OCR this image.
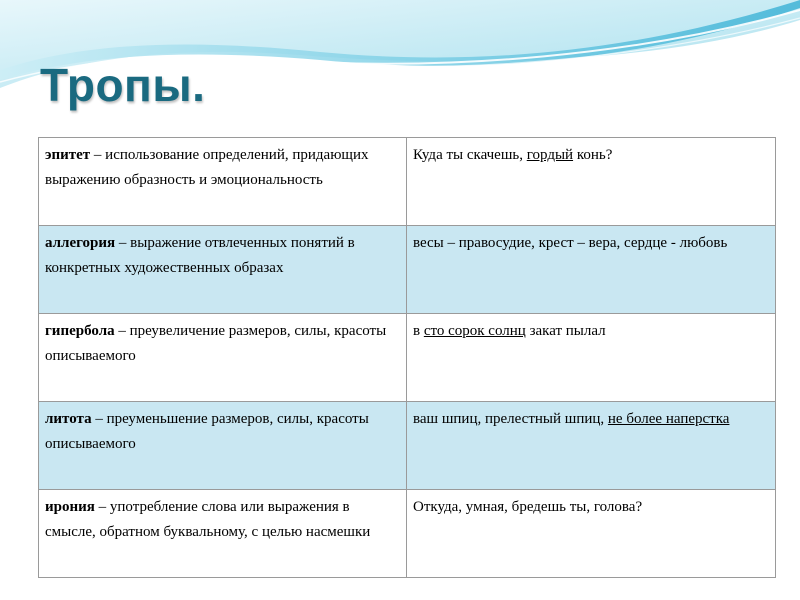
Тропы.
эпитет – использование определений, придающих выражению образность и эмоциональность	Куда ты скачешь, гордый конь?
аллегория – выражение отвлеченных понятий в конкретных художественных образах	весы – правосудие, крест – вера, сердце - любовь
гипербола – преувеличение размеров, силы, красоты описываемого	в сто сорок солнц закат пылал
литота – преуменьшение размеров, силы, красоты описываемого	ваш шпиц, прелестный шпиц, не более наперстка
ирония – употребление слова или выражения в смысле, обратном буквальному, с целью насмешки	Откуда, умная, бредешь ты, голова?
